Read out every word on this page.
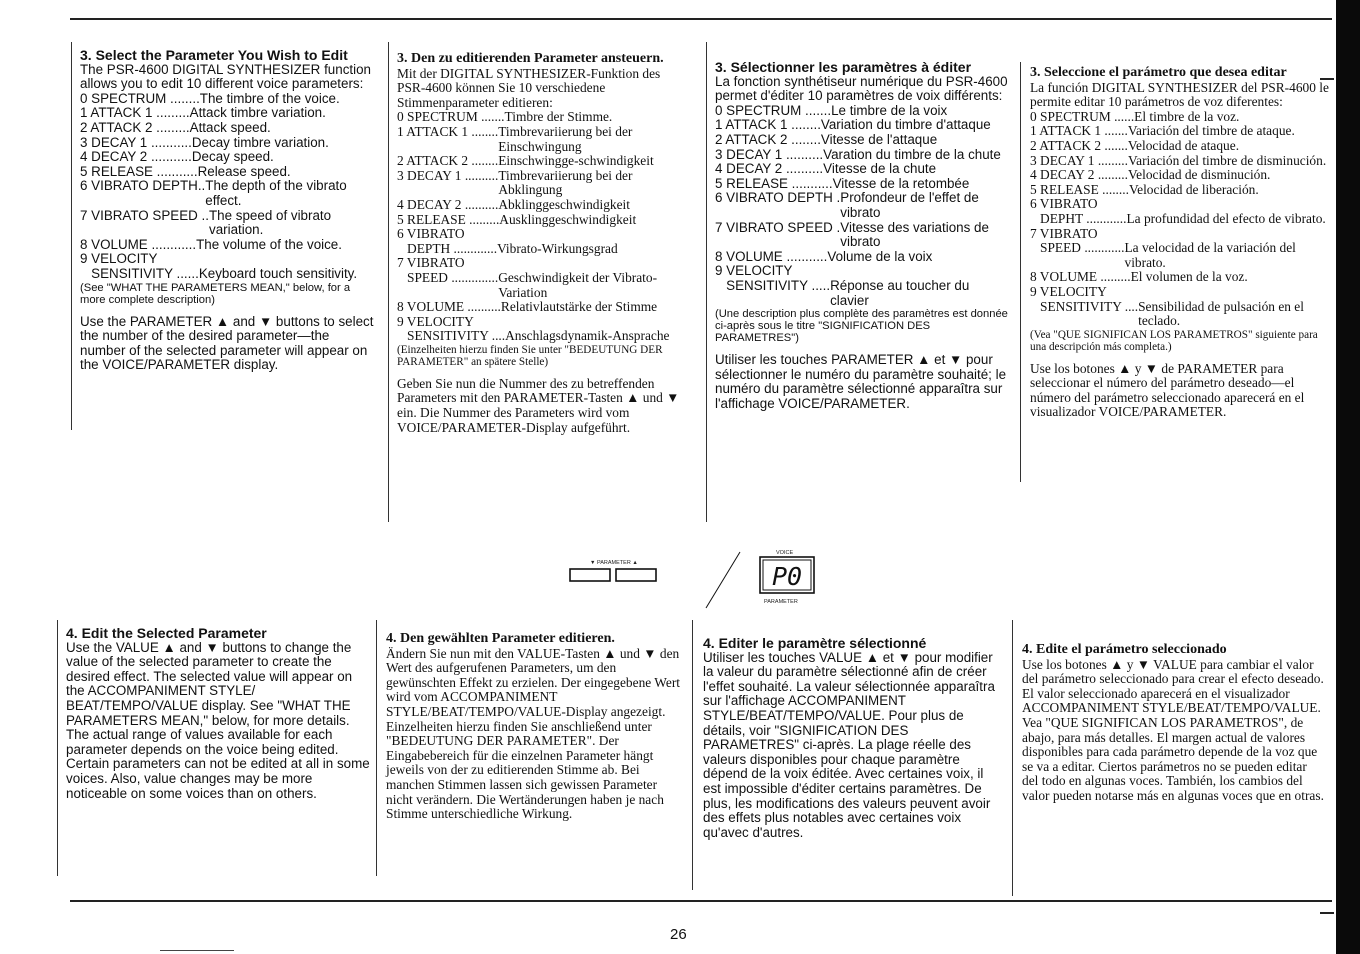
3. Select the Parameter You Wish to Edit

The PSR-4600 DIGITAL SYNTHESIZER function allows you to edit 10 different voice parameters:

0 SPECTRUM ........ The timbre of the voice.
1 ATTACK 1 ......... Attack timbre variation.
2 ATTACK 2 ......... Attack speed.
3 DECAY 1 ........... Decay timbre variation.
4 DECAY 2 ........... Decay speed.
5 RELEASE ........... Release speed.
6 VIBRATO DEPTH.. The depth of the vibrato effect.
7 VIBRATO SPEED .. The speed of vibrato variation.
8 VOLUME ............ The volume of the voice.
9 VELOCITY
SENSITIVITY ......
Keyboard touch sensitivity.

(See "WHAT THE PARAMETERS MEAN," below, for a more complete description)

Use the PARAMETER ▲ and ▼ buttons to select the number of the desired parameter—the number of the selected parameter will appear on the VOICE/PARAMETER display.

3. Den zu editierenden Parameter ansteuern.

Mit der DIGITAL SYNTHESIZER-Funktion des PSR-4600 können Sie 10 verschiedene Stimmenparameter editieren:

0 SPECTRUM ....... Timbre der Stimme.
1 ATTACK 1 ........ Timbrevariierung bei der Einschwingung
2 ATTACK 2 ........ Einschwingge-schwindigkeit
3 DECAY 1 .......... Timbrevariierung bei der Abklingung
4 DECAY 2 .......... Abklinggeschwindigkeit
5 RELEASE ......... Ausklinggeschwindigkeit
6 VIBRATO
DEPTH .............
Vibrato-Wirkungsgrad
7 VIBRATO
SPEED ..............
Geschwindigkeit der Vibrato-Variation
8 VOLUME .......... Relativlautstärke der Stimme
9 VELOCITY
SENSITIVITY ....
Anschlagsdynamik-Ansprache

(Einzelheiten hierzu finden Sie unter "BEDEUTUNG DER PARAMETER" an spätere Stelle)

Geben Sie nun die Nummer des zu betreffenden Parameters mit den PARAMETER-Tasten ▲ und ▼ ein. Die Nummer des Parameters wird vom VOICE/PARAMETER-Display aufgeführt.

3. Sélectionner les paramètres à éditer

La fonction synthétiseur numérique du PSR-4600 permet d'éditer 10 paramètres de voix différents:

0 SPECTRUM ....... Le timbre de la voix
1 ATTACK 1 ........ Variation du timbre d'attaque
2 ATTACK 2 ........ Vitesse de l'attaque
3 DECAY 1 .......... Varation du timbre de la chute
4 DECAY 2 .......... Vitesse de la chute
5 RELEASE ........... Vitesse de la retombée
6 VIBRATO DEPTH . Profondeur de l'effet de vibrato
7 VIBRATO SPEED . Vitesse des variations de vibrato
8 VOLUME ........... Volume de la voix
9 VELOCITY
SENSITIVITY .....
Réponse au toucher du clavier

(Une description plus complète des paramètres est donnée ci-après sous le titre "SIGNIFICATION DES PARAMETRES")

Utiliser les touches PARAMETER ▲ et ▼ pour sélectionner le numéro du paramètre souhaité; le numéro du paramètre sélectionné apparaîtra sur l'affichage VOICE/PARAMETER.

3. Seleccione el parámetro que desea editar

La función DIGITAL SYNTHESIZER del PSR-4600 le permite editar 10 parámetros de voz diferentes:

0 SPECTRUM ...... El timbre de la voz.
1 ATTACK 1 ....... Variación del timbre de ataque.
2 ATTACK 2 ....... Velocidad de ataque.
3 DECAY 1 ......... Variación del timbre de disminución.
4 DECAY 2 ......... Velocidad de disminución.
5 RELEASE ........ Velocidad de liberación.
6 VIBRATO
DEPHT ............
La profundidad del efecto de vibrato.
7 VIBRATO
SPEED ............
La velocidad de la variación del vibrato.
8 VOLUME ......... El volumen de la voz.
9 VELOCITY
SENSITIVITY ....
Sensibilidad de pulsación en el teclado.

(Vea "QUE SIGNIFICAN LOS PARAMETROS" siguiente para una descripción más completa.)

Use los botones ▲ y ▼ de PARAMETER para seleccionar el número del parámetro deseado—el número del parámetro seleccionado aparecerá en el visualizador VOICE/PARAMETER.

▼ PARAMETER ▲
VOICE
P0
PARAMETER

4. Edit the Selected Parameter

Use the VALUE ▲ and ▼ buttons to change the value of the selected parameter to create the desired effect. The selected value will appear on the ACCOMPANIMENT STYLE/ BEAT/TEMPO/VALUE display. See "WHAT THE PARAMETERS MEAN," below, for more details. The actual range of values available for each parameter depends on the voice being edited. Certain parameters can not be edited at all in some voices. Also, value changes may be more noticeable on some voices than on others.

4. Den gewählten Parameter editieren.

Ändern Sie nun mit den VALUE-Tasten ▲ und ▼ den Wert des aufgerufenen Parameters, um den gewünschten Effekt zu erzielen. Der eingegebene Wert wird vom ACCOMPANIMENT STYLE/BEAT/TEMPO/VALUE-Display angezeigt. Einzelheiten hierzu finden Sie anschließend unter "BEDEUTUNG DER PARAMETER". Der Eingabebereich für die einzelnen Parameter hängt jeweils von der zu editierenden Stimme ab. Bei manchen Stimmen lassen sich gewissen Parameter nicht verändern. Die Wertänderungen haben je nach Stimme unterschiedliche Wirkung.

4. Editer le paramètre sélectionné

Utiliser les touches VALUE ▲ et ▼ pour modifier la valeur du paramètre sélectionné afin de créer l'effet souhaité. La valeur sélectionnée apparaîtra sur l'affichage ACCOMPANIMENT STYLE/BEAT/TEMPO/VALUE. Pour plus de détails, voir "SIGNIFICATION DES PARAMETRES" ci-après. La plage réelle des valeurs disponibles pour chaque paramètre dépend de la voix éditée. Avec certaines voix, il est impossible d'éditer certains paramètres. De plus, les modifications des valeurs peuvent avoir des effets plus notables avec certaines voix qu'avec d'autres.

4. Edite el parámetro seleccionado

Use los botones ▲ y ▼ VALUE para cambiar el valor del parámetro seleccionado para crear el efecto deseado. El valor seleccionado aparecerá en el visualizador ACCOMPANIMENT STYLE/BEAT/TEMPO/VALUE. Vea "QUE SIGNIFICAN LOS PARAMETROS", de abajo, para más detalles. El margen actual de valores disponibles para cada parámetro depende de la voz que se va a editar. Ciertos parámetros no se pueden editar del todo en algunas voces. También, los cambios del valor pueden notarse más en algunas voces que en otras.

26
